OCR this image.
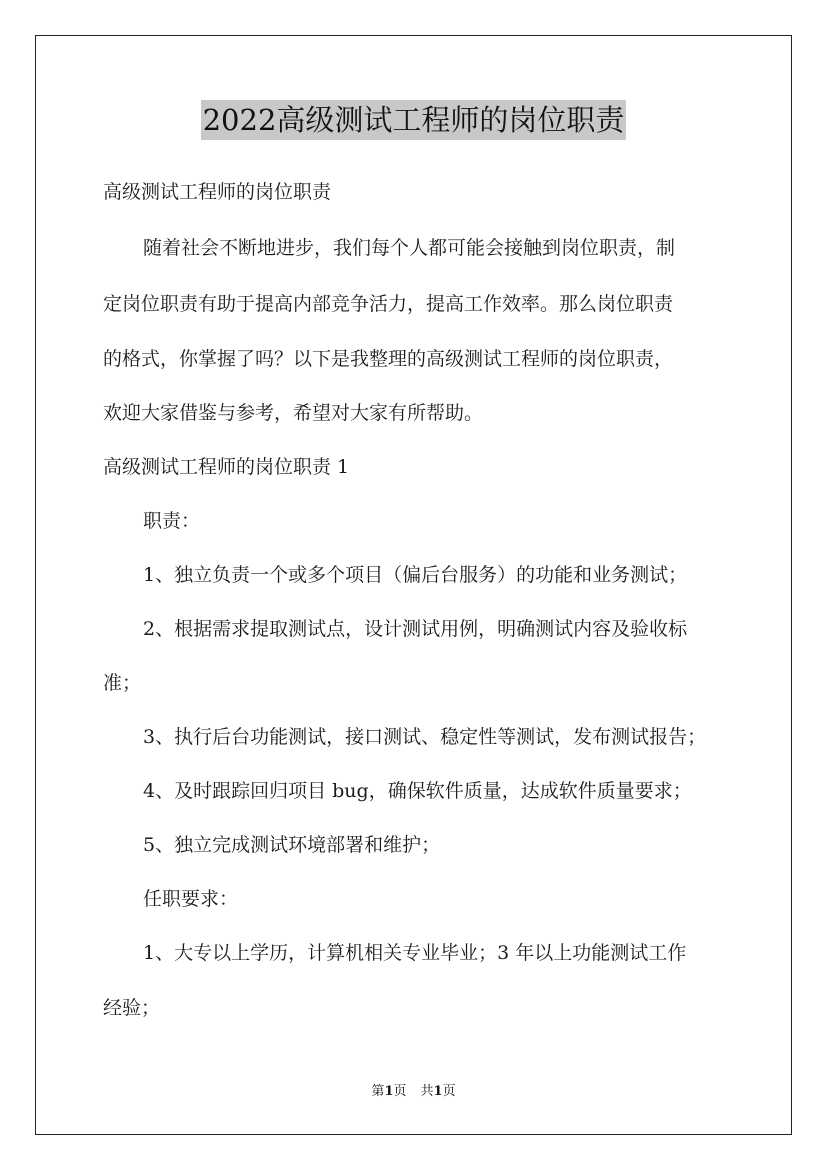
2022高级测试工程师的岗位职责
高级测试工程师的岗位职责
随着社会不断地进步，我们每个人都可能会接触到岗位职责，制
定岗位职责有助于提高内部竞争活力，提高工作效率。那么岗位职责
的格式，你掌握了吗？以下是我整理的高级测试工程师的岗位职责，
欢迎大家借鉴与参考，希望对大家有所帮助。
高级测试工程师的岗位职责 1
职责：
1、独立负责一个或多个项目（偏后台服务）的功能和业务测试；
2、根据需求提取测试点，设计测试用例，明确测试内容及验收标
准；
3、执行后台功能测试，接口测试、稳定性等测试，发布测试报告；
4、及时跟踪回归项目 bug，确保软件质量，达成软件质量要求；
5、独立完成测试环境部署和维护；
任职要求：
1、大专以上学历，计算机相关专业毕业；3 年以上功能测试工作
经验；
第1页 共1页
